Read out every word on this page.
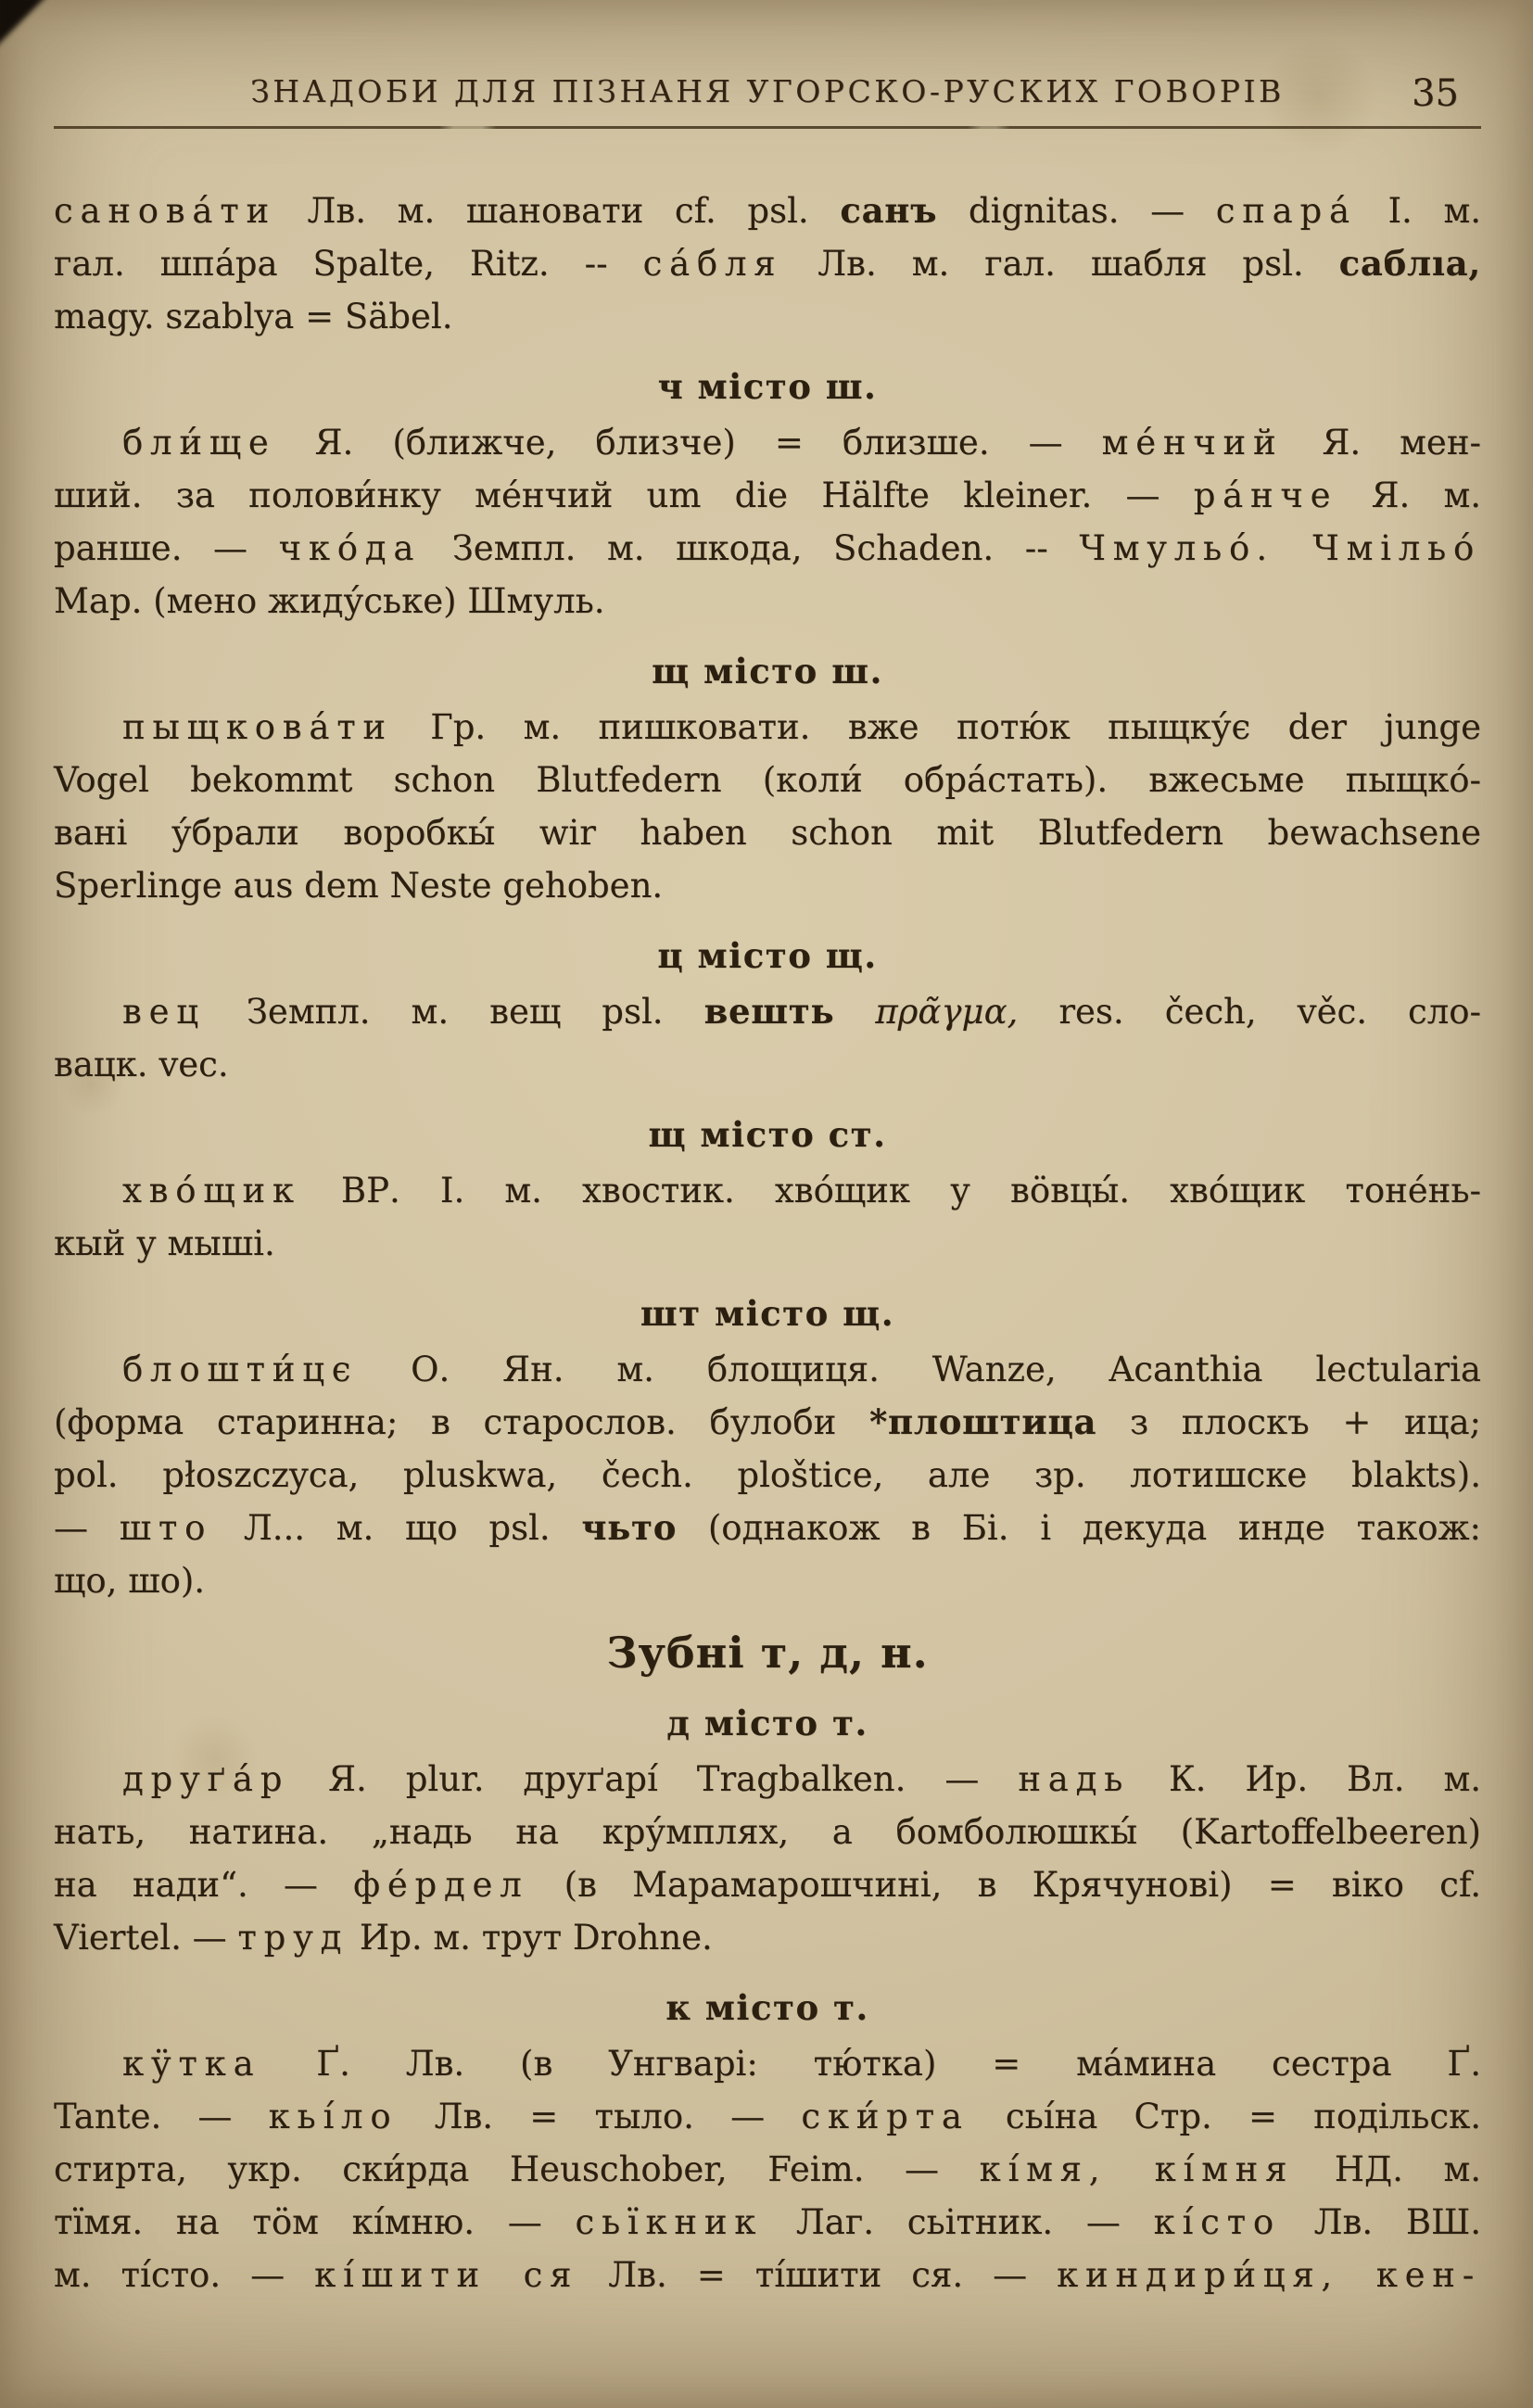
ЗНАДОБИ ДЛЯ ПІЗНАНЯ УГОРСКО-РУСКИХ ГОВОРІВ	35
сановáти Лв. м. шановати cf. psl. санъ dignitas. — спарá І. м.
гал. шпáра Spalte, Ritz. -- сáбля Лв. м. гал. шабля psl. саблıа,
magy. szablya = Säbel.
ч місто ш.
бли́ще Я. (ближче, близче) = близше. — мéнчий Я. мен-
ший. за полови́нку мéнчий um die Hälfte kleiner. — рáнче Я. м.
ранше. — чкóда Земпл. м. шкода, Schaden. -- Чмульó. Чмільó
Мар. (мено жиду́ське) Шмуль.
щ місто ш.
пыщковáти Гр. м. пишковати. вже потю́к пыщку́є der junge
Vogel bekommt schon Blutfedern (коли́ обрáстать). вжесьме пыщкó-
вані у́брали воробкы́ wir haben schon mit Blutfedern bewachsene
Sperlinge aus dem Neste gehoben.
ц місто щ.
вец Земпл. м. вещ psl. вешть πρᾶγμα, res. čech, věc. сло-
вацк. vec.
щ місто ст.
хвóщик ВР. І. м. хвостик. хвóщик у вӧвцы́. хвóщик тонéнь-
кый у мыші.
шт місто щ.
блошти́цє О. Ян. м. блощиця. Wanze, Acanthia lectularia
(форма старинна; в старослов. булоби *плоштица з плоскъ + ица;
pol. płoszczyca, pluskwa, čech. ploštice, але зр. лотишске blakts).
— што Л... м. що psl. чьто (однакож в Бі. і декуда инде також:
що, шо).
Зубні т, д, н.
д місто т.
друґáр Я. plur. друґарí Tragbalken. — надь К. Ир. Вл. м.
нать, натина. „надь на кру́мплях, а бомболюшкы́ (Kartoffelbeeren)
на нади“. — фéрдел (в Марамарошчині, в Крячунові) = віко cf.
Viertel. — труд Ир. м. трут Drohne.
к місто т.
кӱтка Ґ. Лв. (в Унгварі: тю́тка) = мáмина сестра Ґ.
Tante. — кьíло Лв. = тыло. — ски́рта сьíна Стр. = подільск.
стирта, укр. ски́рда Heuschober, Feim. — кíмя, кíмня НД. м.
тїмя. на тӧм кíмню. — сьїкник Лаг. сьітник. — кíсто Лв. ВШ.
м. тíсто. — кíшити ся Лв. = тíшити ся. — киндири́ця, кен-
